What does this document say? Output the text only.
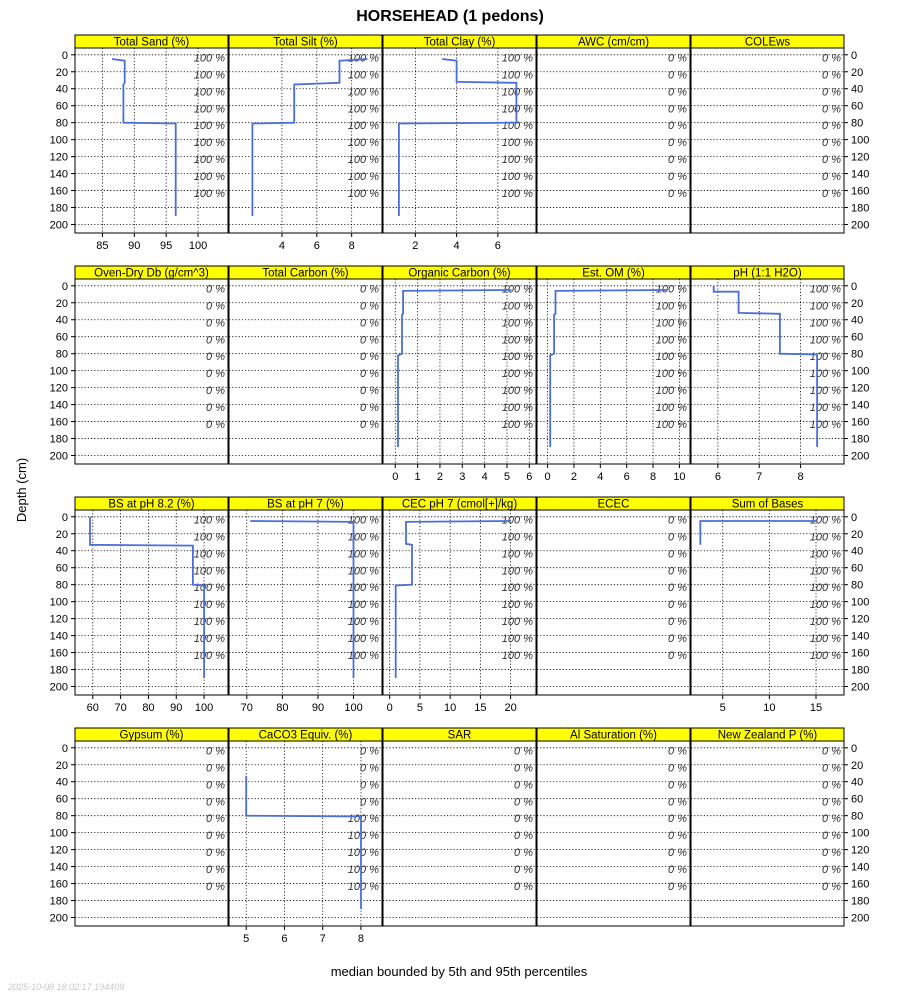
HORSEHEAD (1 pedons)
Depth (cm)
median bounded by 5th and 95th percentiles
2025-10-08 18:02:17.194409
Total Sand (%)
100 %
100 %
100 %
100 %
100 %
100 %
100 %
100 %
100 %
85 90 95 100
Total Silt (%)
100 %
100 %
100 %
100 %
100 %
100 %
100 %
100 %
100 %
4	6	8
Total Clay (%)
100 %
100 %
100 %
100 %
100 %
100 %
100 %
100 %
100 %
2	4	6
AWC (cm/cm)
0 %
0 %
0 %
0 %
0 %
0 %
0 %
0 %
0 %
COLEws
0 %
0 %
0 %
0 %
0 %
0 %
0 %
0 %
0 %
Oven-Dry Db (g/cm^3)
0 %
0 %
0 %
0 %
0 %
0 %
0 %
0 %
0 %
Total Carbon (%)
0 %
0 %
0 %
0 %
0 %
0 %
0 %
0 %
0 %
Organic Carbon (%)
100 %
100 %
100 %
100 %
100 %
100 %
100 %
100 %
100 %
0 1 2 3 4 5 6
Est. OM (%)
100 %
100 %
100 %
100 %
100 %
100 %
100 %
100 %
100 %
0 2 4 6 8 10
pH (1:1 H2O)
100 %
100 %
100 %
100 %
100 %
100 %
100 %
100 %
100 %
6	7	8
BS at pH 8.2 (%)
100 %
100 %
100 %
100 %
100 %
100 %
100 %
100 %
100 %
60 70 80 90 100
BS at pH 7 (%)
100 %
100 %
100 %
100 %
100 %
100 %
100 %
100 %
100 %
70 80 90 100
CEC pH 7 (cmol[+]/kg)
100 %
100 %
100 %
100 %
100 %
100 %
100 %
100 %
100 %
0 5 10 15 20
ECEC
0 %
0 %
0 %
0 %
0 %
0 %
0 %
0 %
0 %
Sum of Bases
100 %
100 %
100 %
100 %
100 %
100 %
100 %
100 %
100 %
5	10	15
Gypsum (%)
0 %
0 %
0 %
0 %
0 %
0 %
0 %
0 %
0 %
CaCO3 Equiv. (%)
0 %
0 %
0 %
0 %
100 %
100 %
100 %
100 %
100 %
5	6	7	8
SAR
0 %
0 %
0 %
0 %
0 %
0 %
0 %
0 %
0 %
Al Saturation (%)
0 %
0 %
0 %
0 %
0 %
0 %
0 %
0 %
0 %
New Zealand P (%)
0 %
0 %
0 %
0 %
0 %
0 %
0 %
0 %
0 %
0	0
20	20
40	40
60	60
80	80
100	100
120	120
140	140
160	160
180	180
200	200
0	0
20	20
40	40
60	60
80	80
100	100
120	120
140	140
160	160
180	180
200	200
0	0
20	20
40	40
60	60
80	80
100	100
120	120
140	140
160	160
180	180
200	200
0	0
20	20
40	40
60	60
80	80
100	100
120	120
140	140
160	160
180	180
200	200
